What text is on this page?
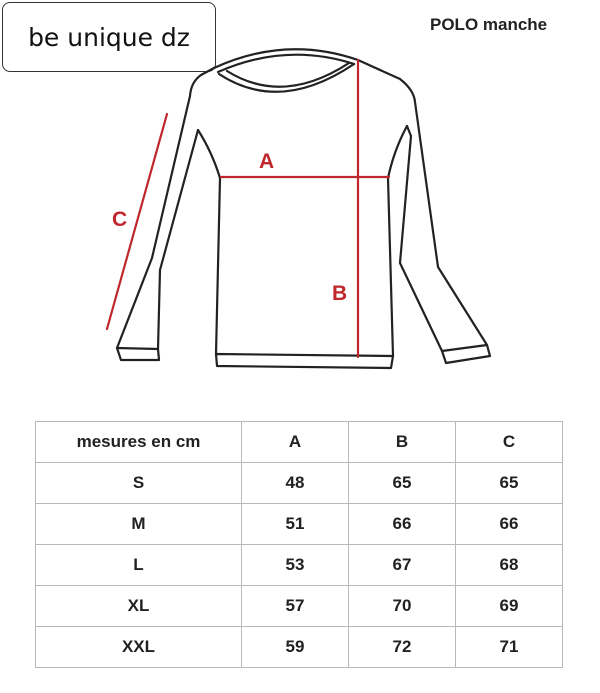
be unique dz	POLO manche
A
B
C
mesures en cm	A	B	C
S	48	65	65
M	51	66	66
L	53	67	68
XL	57	70	69
XXL	59	72	71
